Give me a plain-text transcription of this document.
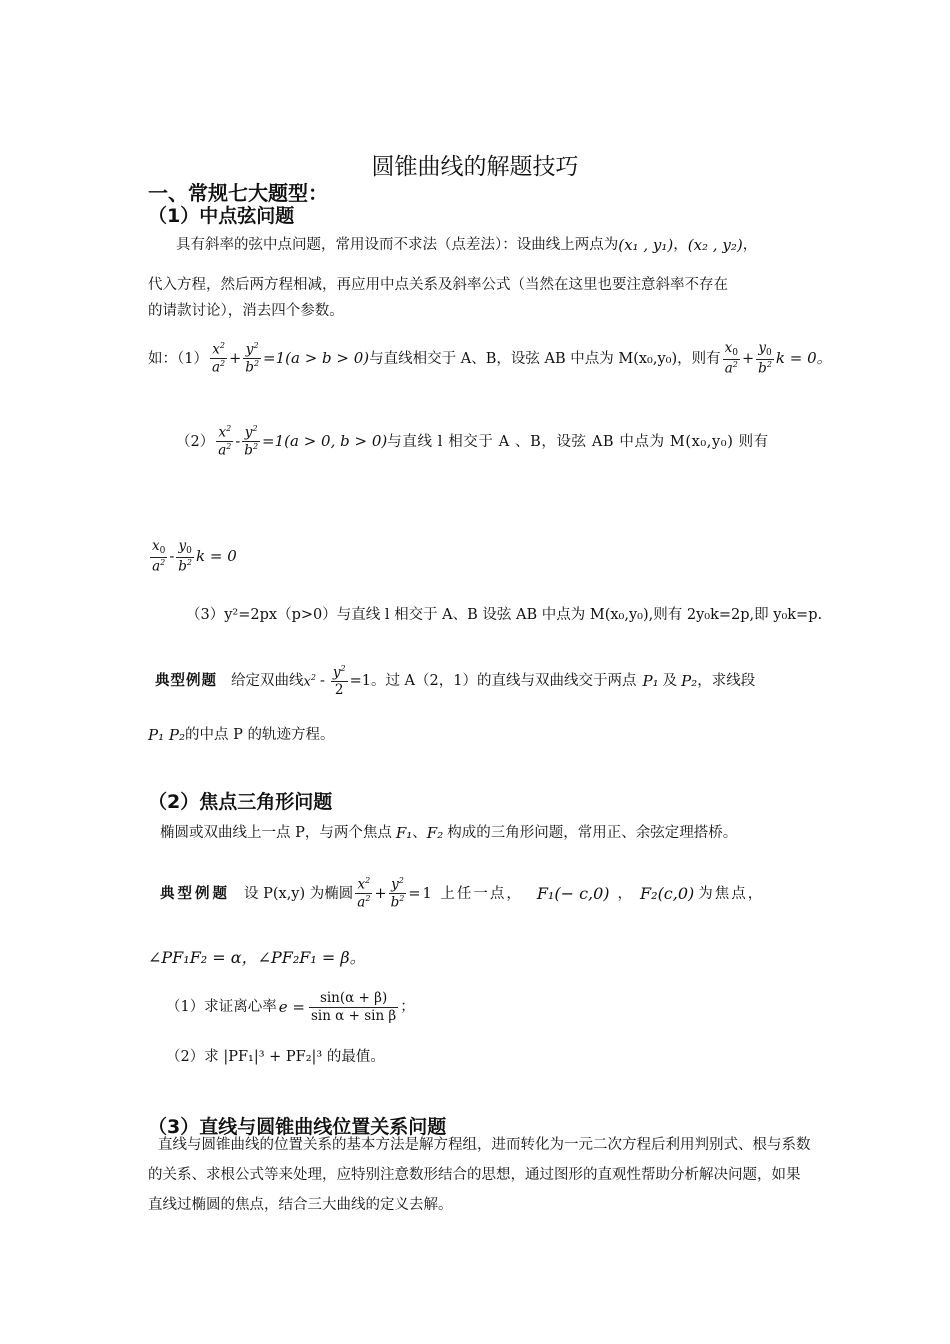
圆锥曲线的解题技巧
一、常规七大题型：
（1）中点弦问题
具有斜率的弦中点问题，常用设而不求法（点差法）：设曲线上两点为 (x₁ , y₁) ， (x₂ , y₂) ，
代入方程，然后两方程相减，再应用中点关系及斜率公式（当然在这里也要注意斜率不存在
的请款讨论），消去四个参数。
如：$(1) \frac{x^2}{a^2} + \frac{y^2}{b^2} =1(a > b > 0)$ 与直线相交于 A、B，设弦 AB 中点为 M(x₀,y₀)，则有 $\frac{x_0}{a^2} + \frac{y_0}{b^2}$ k = 0。
$(2) \frac{x^2}{a^2} - \frac{y^2}{b^2} =1(a > 0$, b > 0) 与直线 l 相交于 A 、B，设弦 AB 中点为 M(x₀,y₀) 则有
$\frac{x_0}{a^2} - \frac{y_0}{b^2}$ k = 0
（3）y²=2px（p>0）与直线 l 相交于 A、B 设弦 AB 中点为 M(x₀,y₀),则有 2y₀k=2p,即 y₀k=p.
典型例题 给定双曲线 $x^2 - \frac{y^2}{2} =1$。过 A（2，1）的直线与双曲线交于两点 P₁ 及 P₂ ，求线段
P₁ P₂ 的中点 P 的轨迹方程。
（2）焦点三角形问题
椭圆或双曲线上一点 P，与两个焦点 F₁ 、 F₂ 构成的三角形问题，常用正、余弦定理搭桥。
典型例题 设 P(x,y) 为椭圆 $\frac{x^2}{a^2} + \frac{y^2}{b^2} =1$ 上任一点， F₁(− c,0) ， F₂(c,0) 为焦点，
∠PF₁F₂ = α，∠PF₂F₁ = β。
（1）求证离心率 $e = \frac{\sin(\alpha + \beta)}{\text{sin α + sin β}}$ ；
（2）求 |PF₁|³ + PF₂|³ 的最值。
（3）直线与圆锥曲线位置关系问题
直线与圆锥曲线的位置关系的基本方法是解方程组，进而转化为一元二次方程后利用判别式、根与系数的关系、求根公式等来处理，应特别注意数形结合的思想，通过图形的直观性帮助分析解决问题，如果直线过椭圆的焦点，结合三大曲线的定义去解。
